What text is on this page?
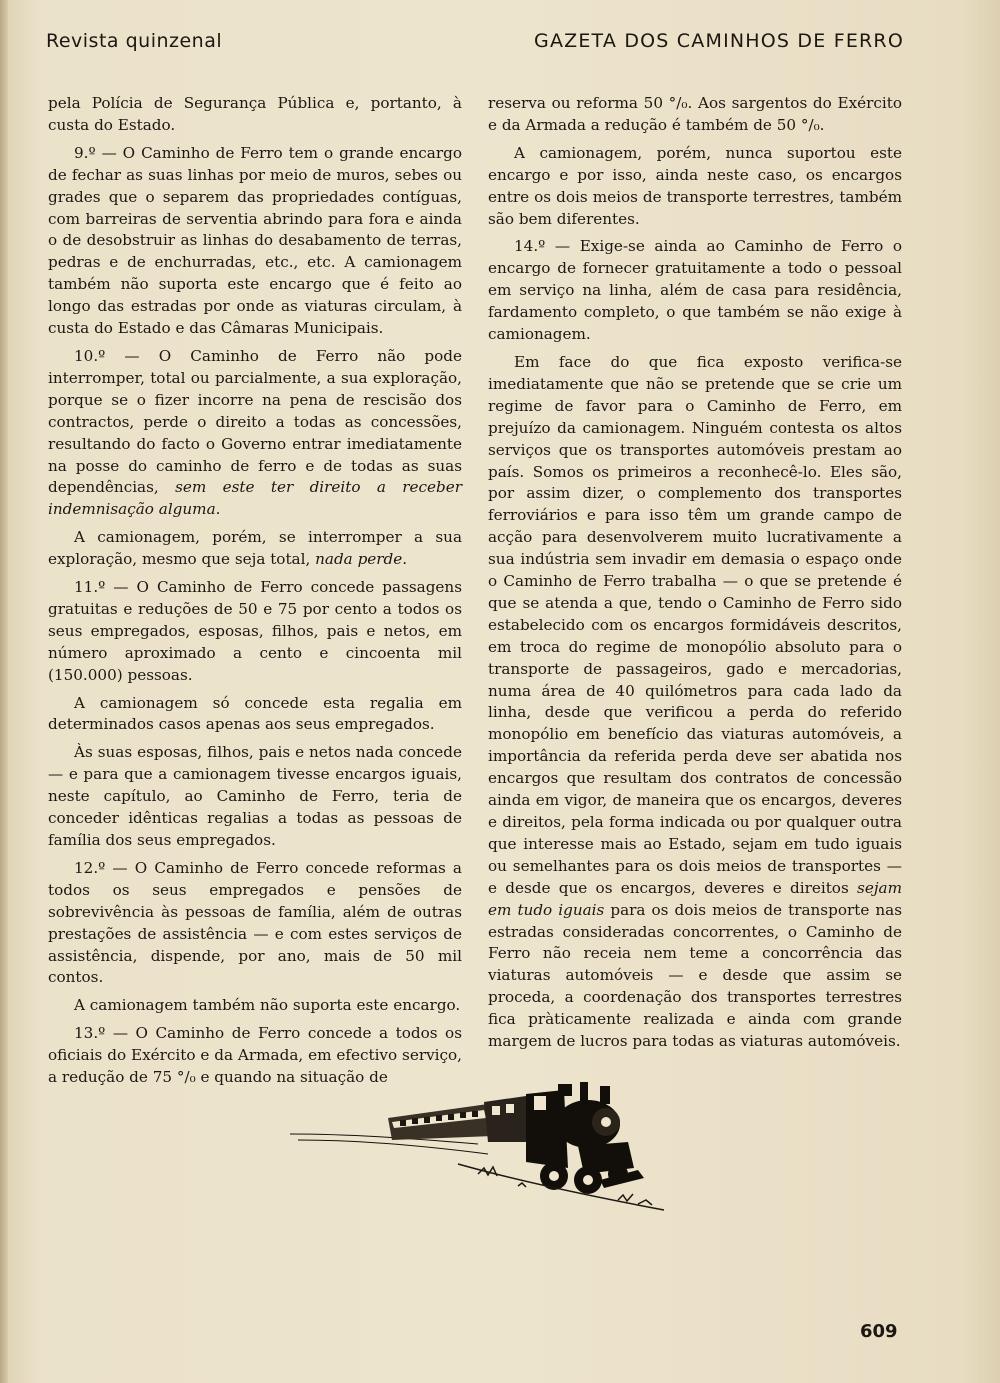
Revista quinzenal	GAZETA DOS CAMINHOS DE FERRO

pela Polícia de Segurança Pública e, portanto, à custa do Estado.

9.º — O Caminho de Ferro tem o grande encargo de fechar as suas linhas por meio de muros, sebes ou grades que o separem das propriedades contíguas, com barreiras de serventia abrindo para fora e ainda o de desobstruir as linhas do desabamento de terras, pedras e de enchurradas, etc., etc. A camionagem também não suporta este encargo que é feito ao longo das estradas por onde as viaturas circulam, à custa do Estado e das Câmaras Municipais.

10.º — O Caminho de Ferro não pode interromper, total ou parcialmente, a sua exploração, porque se o fizer incorre na pena de rescisão dos contractos, perde o direito a todas as concessões, resultando do facto o Governo entrar imediatamente na posse do caminho de ferro e de todas as suas dependências, sem este ter direito a receber indemnisação alguma.

A camionagem, porém, se interromper a sua exploração, mesmo que seja total, nada perde.

11.º — O Caminho de Ferro concede passagens gratuitas e reduções de 50 e 75 por cento a todos os seus empregados, esposas, filhos, pais e netos, em número aproximado a cento e cincoenta mil (150.000) pessoas.

A camionagem só concede esta regalia em determinados casos apenas aos seus empregados.

Às suas esposas, filhos, pais e netos nada concede — e para que a camionagem tivesse encargos iguais, neste capítulo, ao Caminho de Ferro, teria de conceder idênticas regalias a todas as pessoas de família dos seus empregados.

12.º — O Caminho de Ferro concede reformas a todos os seus empregados e pensões de sobrevivência às pessoas de família, além de outras prestações de assistência — e com estes serviços de assistência, dispende, por ano, mais de 50 mil contos.

A camionagem também não suporta este encargo.

13.º — O Caminho de Ferro concede a todos os oficiais do Exército e da Armada, em efectivo serviço, a redução de 75 °/₀ e quando na situação de

reserva ou reforma 50 °/₀. Aos sargentos do Exército e da Armada a redução é também de 50 °/₀.

A camionagem, porém, nunca suportou este encargo e por isso, ainda neste caso, os encargos entre os dois meios de transporte terrestres, também são bem diferentes.

14.º — Exige-se ainda ao Caminho de Ferro o encargo de fornecer gratuitamente a todo o pessoal em serviço na linha, além de casa para residência, fardamento completo, o que também se não exige à camionagem.

Em face do que fica exposto verifica-se imediatamente que não se pretende que se crie um regime de favor para o Caminho de Ferro, em prejuízo da camionagem. Ninguém contesta os altos serviços que os transportes automóveis prestam ao país. Somos os primeiros a reconhecê-lo. Eles são, por assim dizer, o complemento dos transportes ferroviários e para isso têm um grande campo de acção para desenvolverem muito lucrativamente a sua indústria sem invadir em demasia o espaço onde o Caminho de Ferro trabalha — o que se pretende é que se atenda a que, tendo o Caminho de Ferro sido estabelecido com os encargos formidáveis descritos, em troca do regime de monopólio absoluto para o transporte de passageiros, gado e mercadorias, numa área de 40 quilómetros para cada lado da linha, desde que verificou a perda do referido monopólio em benefício das viaturas automóveis, a importância da referida perda deve ser abatida nos encargos que resultam dos contratos de concessão ainda em vigor, de maneira que os encargos, deveres e direitos, pela forma indicada ou por qualquer outra que interesse mais ao Estado, sejam em tudo iguais ou semelhantes para os dois meios de transportes — e desde que os encargos, deveres e direitos sejam em tudo iguais para os dois meios de transporte nas estradas consideradas concorrentes, o Caminho de Ferro não receia nem teme a concorrência das viaturas automóveis — e desde que assim se proceda, a coordenação dos transportes terrestres fica pràticamente realizada e ainda com grande margem de lucros para todas as viaturas automóveis.

609
